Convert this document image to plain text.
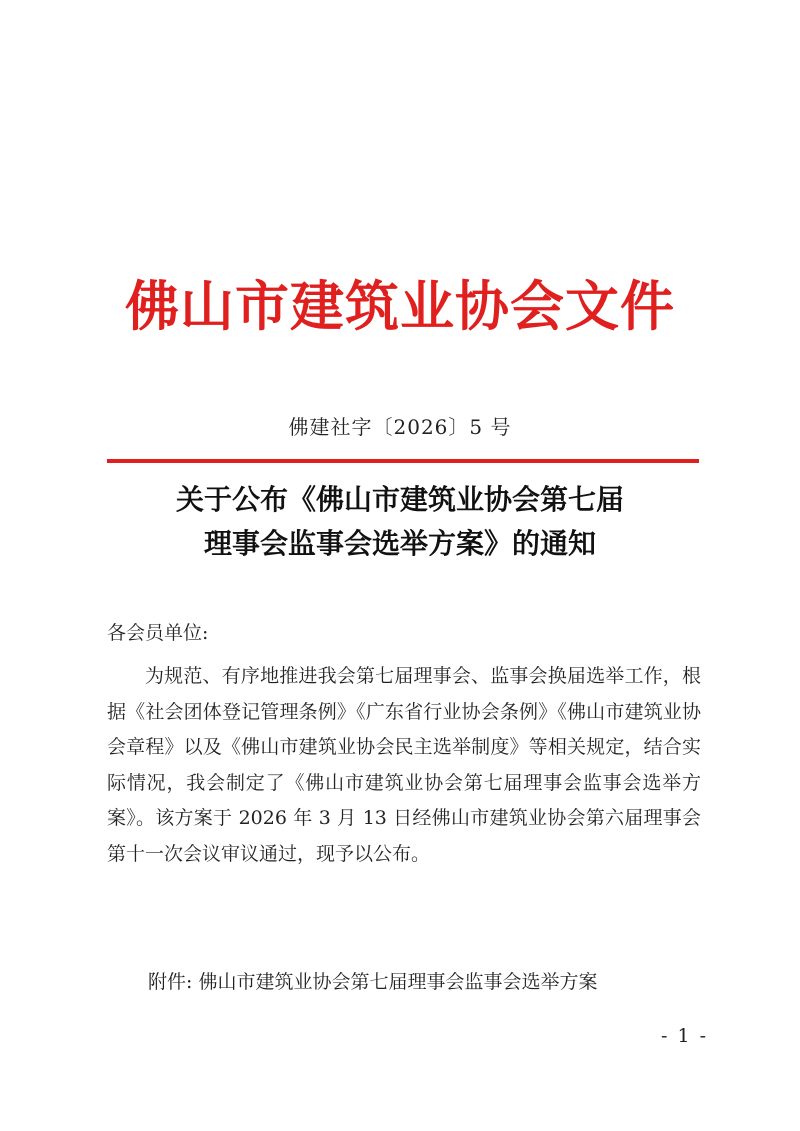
佛山市建筑业协会文件
佛建社字〔2026〕5 号
关于公布《佛山市建筑业协会第七届
理事会监事会选举方案》的通知
各会员单位:

为规范、有序地推进我会第七届理事会、监事会换届选举工作，根据《社会团体登记管理条例》《广东省行业协会条例》《佛山市建筑业协会章程》以及《佛山市建筑业协会民主选举制度》等相关规定，结合实际情况，我会制定了《佛山市建筑业协会第七届理事会监事会选举方案》。该方案于 2026 年 3 月 13 日经佛山市建筑业协会第六届理事会第十一次会议审议通过，现予以公布。

附件: 佛山市建筑业协会第七届理事会监事会选举方案
- 1 -
